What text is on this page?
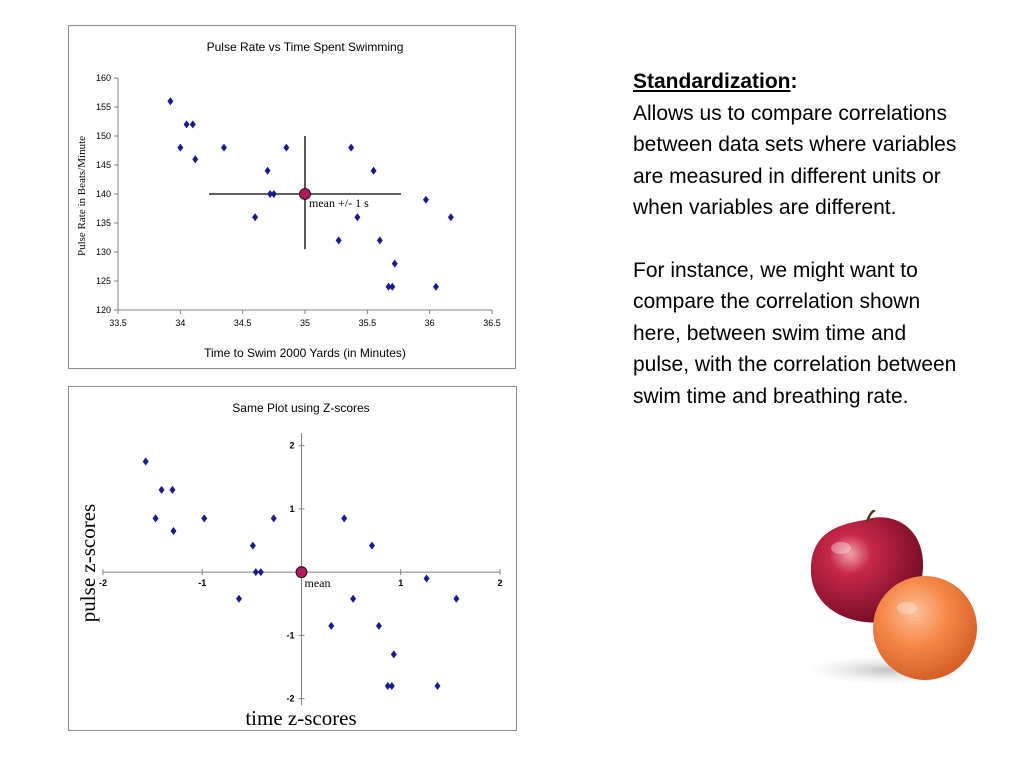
Pulse Rate vs Time Spent Swimming
120
125
130
135
140
145
150
155
160
33.5	34	34.5	35	35.5	36	36.5
Time to Swim 2000 Yards (in Minutes)
Pulse Rate in Beats/Minute	mean +/- 1 s
Same Plot using Z-scores
-2	-1	1	2
2
1
-1
-2
time z-scores
pulse z-scores	mean

Standardization:

Allows us to compare correlations between data sets where variables are measured in different units or when variables are different.

For instance, we might want to compare the correlation shown here, between swim time and pulse, with the correlation between swim time and breathing rate.
